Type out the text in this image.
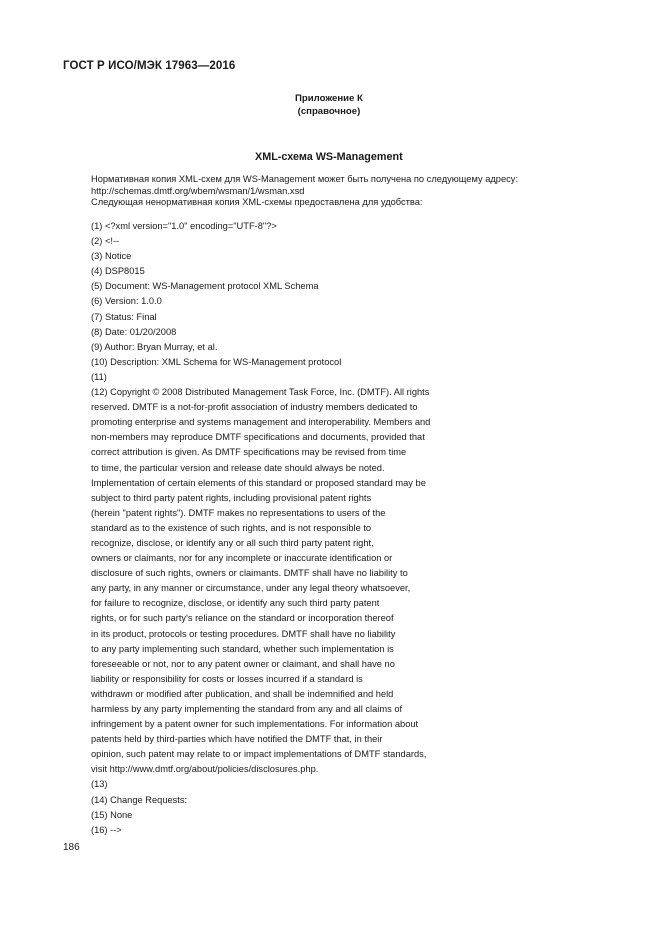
ГОСТ Р ИСО/МЭК 17963—2016
Приложение К
(справочное)
XML-схема WS-Management
Нормативная копия XML-схем для WS-Management может быть получена по следующему адресу:
http://schemas.dmtf.org/wbem/wsman/1/wsman.xsd
Следующая ненормативная копия XML-схемы предоставлена для удобства:
(1) <?xml version="1.0" encoding="UTF-8"?>
(2) <!--
(3) Notice
(4) DSP8015
(5) Document: WS-Management protocol XML Schema
(6) Version: 1.0.0
(7) Status: Final
(8) Date: 01/20/2008
(9) Author: Bryan Murray, et al.
(10) Description: XML Schema for WS-Management protocol
(11)
(12) Copyright © 2008 Distributed Management Task Force, Inc. (DMTF). All rights
reserved. DMTF is a not-for-profit association of industry members dedicated to
promoting enterprise and systems management and interoperability. Members and
non-members may reproduce DMTF specifications and documents, provided that
correct attribution is given. As DMTF specifications may be revised from time
to time, the particular version and release date should always be noted.
Implementation of certain elements of this standard or proposed standard may be
subject to third party patent rights, including provisional patent rights
(herein "patent rights"). DMTF makes no representations to users of the
standard as to the existence of such rights, and is not responsible to
recognize, disclose, or identify any or all such third party patent right,
owners or claimants, nor for any incomplete or inaccurate identification or
disclosure of such rights, owners or claimants. DMTF shall have no liability to
any party, in any manner or circumstance, under any legal theory whatsoever,
for failure to recognize, disclose, or identify any such third party patent
rights, or for such party's reliance on the standard or incorporation thereof
in its product, protocols or testing procedures. DMTF shall have no liability
to any party implementing such standard, whether such implementation is
foreseeable or not, nor to any patent owner or claimant, and shall have no
liability or responsibility for costs or losses incurred if a standard is
withdrawn or modified after publication, and shall be indemnified and held
harmless by any party implementing the standard from any and all claims of
infringement by a patent owner for such implementations. For information about
patents held by third-parties which have notified the DMTF that, in their
opinion, such patent may relate to or impact implementations of DMTF standards,
visit http://www.dmtf.org/about/policies/disclosures.php.
(13)
(14) Change Requests:
(15) None
(16) -->
186
